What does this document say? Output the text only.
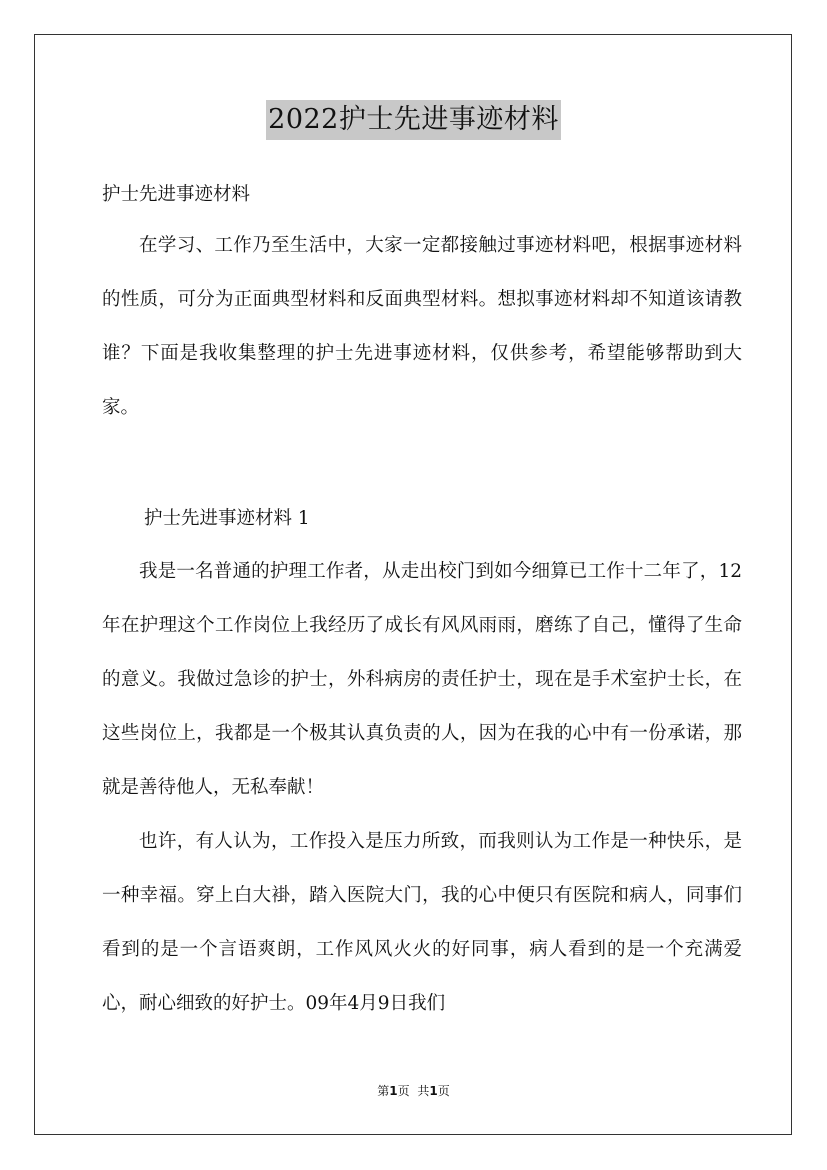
2022护士先进事迹材料

护士先进事迹材料

在学习、工作乃至生活中，大家一定都接触过事迹材料吧，根据事迹材料的性质，可分为正面典型材料和反面典型材料。想拟事迹材料却不知道该请教谁？下面是我收集整理的护士先进事迹材料，仅供参考，希望能够帮助到大家。

护士先进事迹材料 1

我是一名普通的护理工作者，从走出校门到如今细算已工作十二年了，12年在护理这个工作岗位上我经历了成长有风风雨雨，磨练了自己，懂得了生命的意义。我做过急诊的护士，外科病房的责任护士，现在是手术室护士长，在这些岗位上，我都是一个极其认真负责的人，因为在我的心中有一份承诺，那就是善待他人，无私奉献！

也许，有人认为，工作投入是压力所致，而我则认为工作是一种快乐，是一种幸福。穿上白大褂，踏入医院大门，我的心中便只有医院和病人，同事们看到的是一个言语爽朗，工作风风火火的好同事，病人看到的是一个充满爱心，耐心细致的好护士。09年4月9日我们

第1页 共1页
